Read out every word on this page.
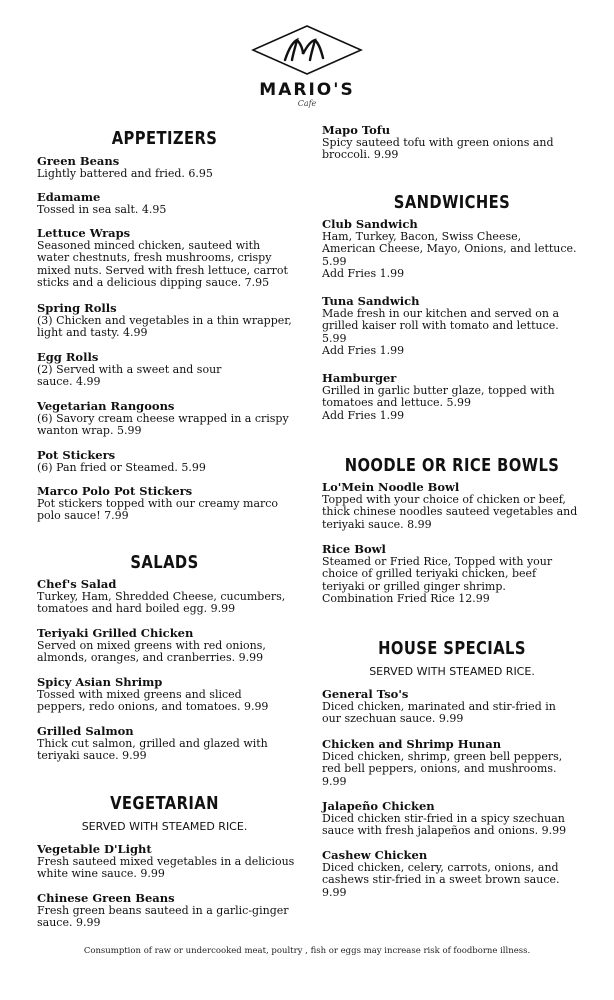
MARIO'S
Cafe
APPETIZERS
Green Beans
Lightly battered and fried. 6.95
Edamame
Tossed in sea salt. 4.95
Lettuce Wraps
Seasoned minced chicken, sauteed with
water chestnuts, fresh mushrooms, crispy
mixed nuts. Served with fresh lettuce, carrot
sticks and a delicious dipping sauce. 7.95
Spring Rolls
(3) Chicken and vegetables in a thin wrapper,
light and tasty. 4.99
Egg Rolls
(2) Served with a sweet and sour
sauce. 4.99
Vegetarian Rangoons
(6) Savory cream cheese wrapped in a crispy
wanton wrap. 5.99
Pot Stickers
(6) Pan fried or Steamed. 5.99
Marco Polo Pot Stickers
Pot stickers topped with our creamy marco
polo sauce! 7.99
SALADS
Chef's Salad
Turkey, Ham, Shredded Cheese, cucumbers,
tomatoes and hard boiled egg. 9.99
Teriyaki Grilled Chicken
Served on mixed greens with red onions,
almonds, oranges, and cranberries. 9.99
Spicy Asian Shrimp
Tossed with mixed greens and sliced
peppers, redo onions, and tomatoes. 9.99
Grilled Salmon
Thick cut salmon, grilled and glazed with
teriyaki sauce. 9.99
VEGETARIAN
SERVED WITH STEAMED RICE.
Vegetable D'Light
Fresh sauteed mixed vegetables in a delicious
white wine sauce. 9.99
Chinese Green Beans
Fresh green beans sauteed in a garlic-ginger
sauce. 9.99
Mapo Tofu
Spicy sauteed tofu with green onions and
broccoli. 9.99
SANDWICHES
Club Sandwich
Ham, Turkey, Bacon, Swiss Cheese,
American Cheese, Mayo, Onions, and lettuce.
5.99
Add Fries 1.99
Tuna Sandwich
Made fresh in our kitchen and served on a
grilled kaiser roll with tomato and lettuce.
5.99
Add Fries 1.99
Hamburger
Grilled in garlic butter glaze, topped with
tomatoes and lettuce. 5.99
Add Fries 1.99
NOODLE OR RICE BOWLS
Lo'Mein Noodle Bowl
Topped with your choice of chicken or beef,
thick chinese noodles sauteed vegetables and
teriyaki sauce. 8.99
Rice Bowl
Steamed or Fried Rice, Topped with your
choice of grilled teriyaki chicken, beef
teriyaki or grilled ginger shrimp.
Combination Fried Rice 12.99
HOUSE SPECIALS
SERVED WITH STEAMED RICE.
General Tso's
Diced chicken, marinated and stir-fried in
our szechuan sauce. 9.99
Chicken and Shrimp Hunan
Diced chicken, shrimp, green bell peppers,
red bell peppers, onions, and mushrooms.
9.99
Jalapeño Chicken
Diced chicken stir-fried in a spicy szechuan
sauce with fresh jalapeños and onions. 9.99
Cashew Chicken
Diced chicken, celery, carrots, onions, and
cashews stir-fried in a sweet brown sauce.
9.99
Consumption of raw or undercooked meat, poultry , fish or eggs may increase risk of foodborne illness.
